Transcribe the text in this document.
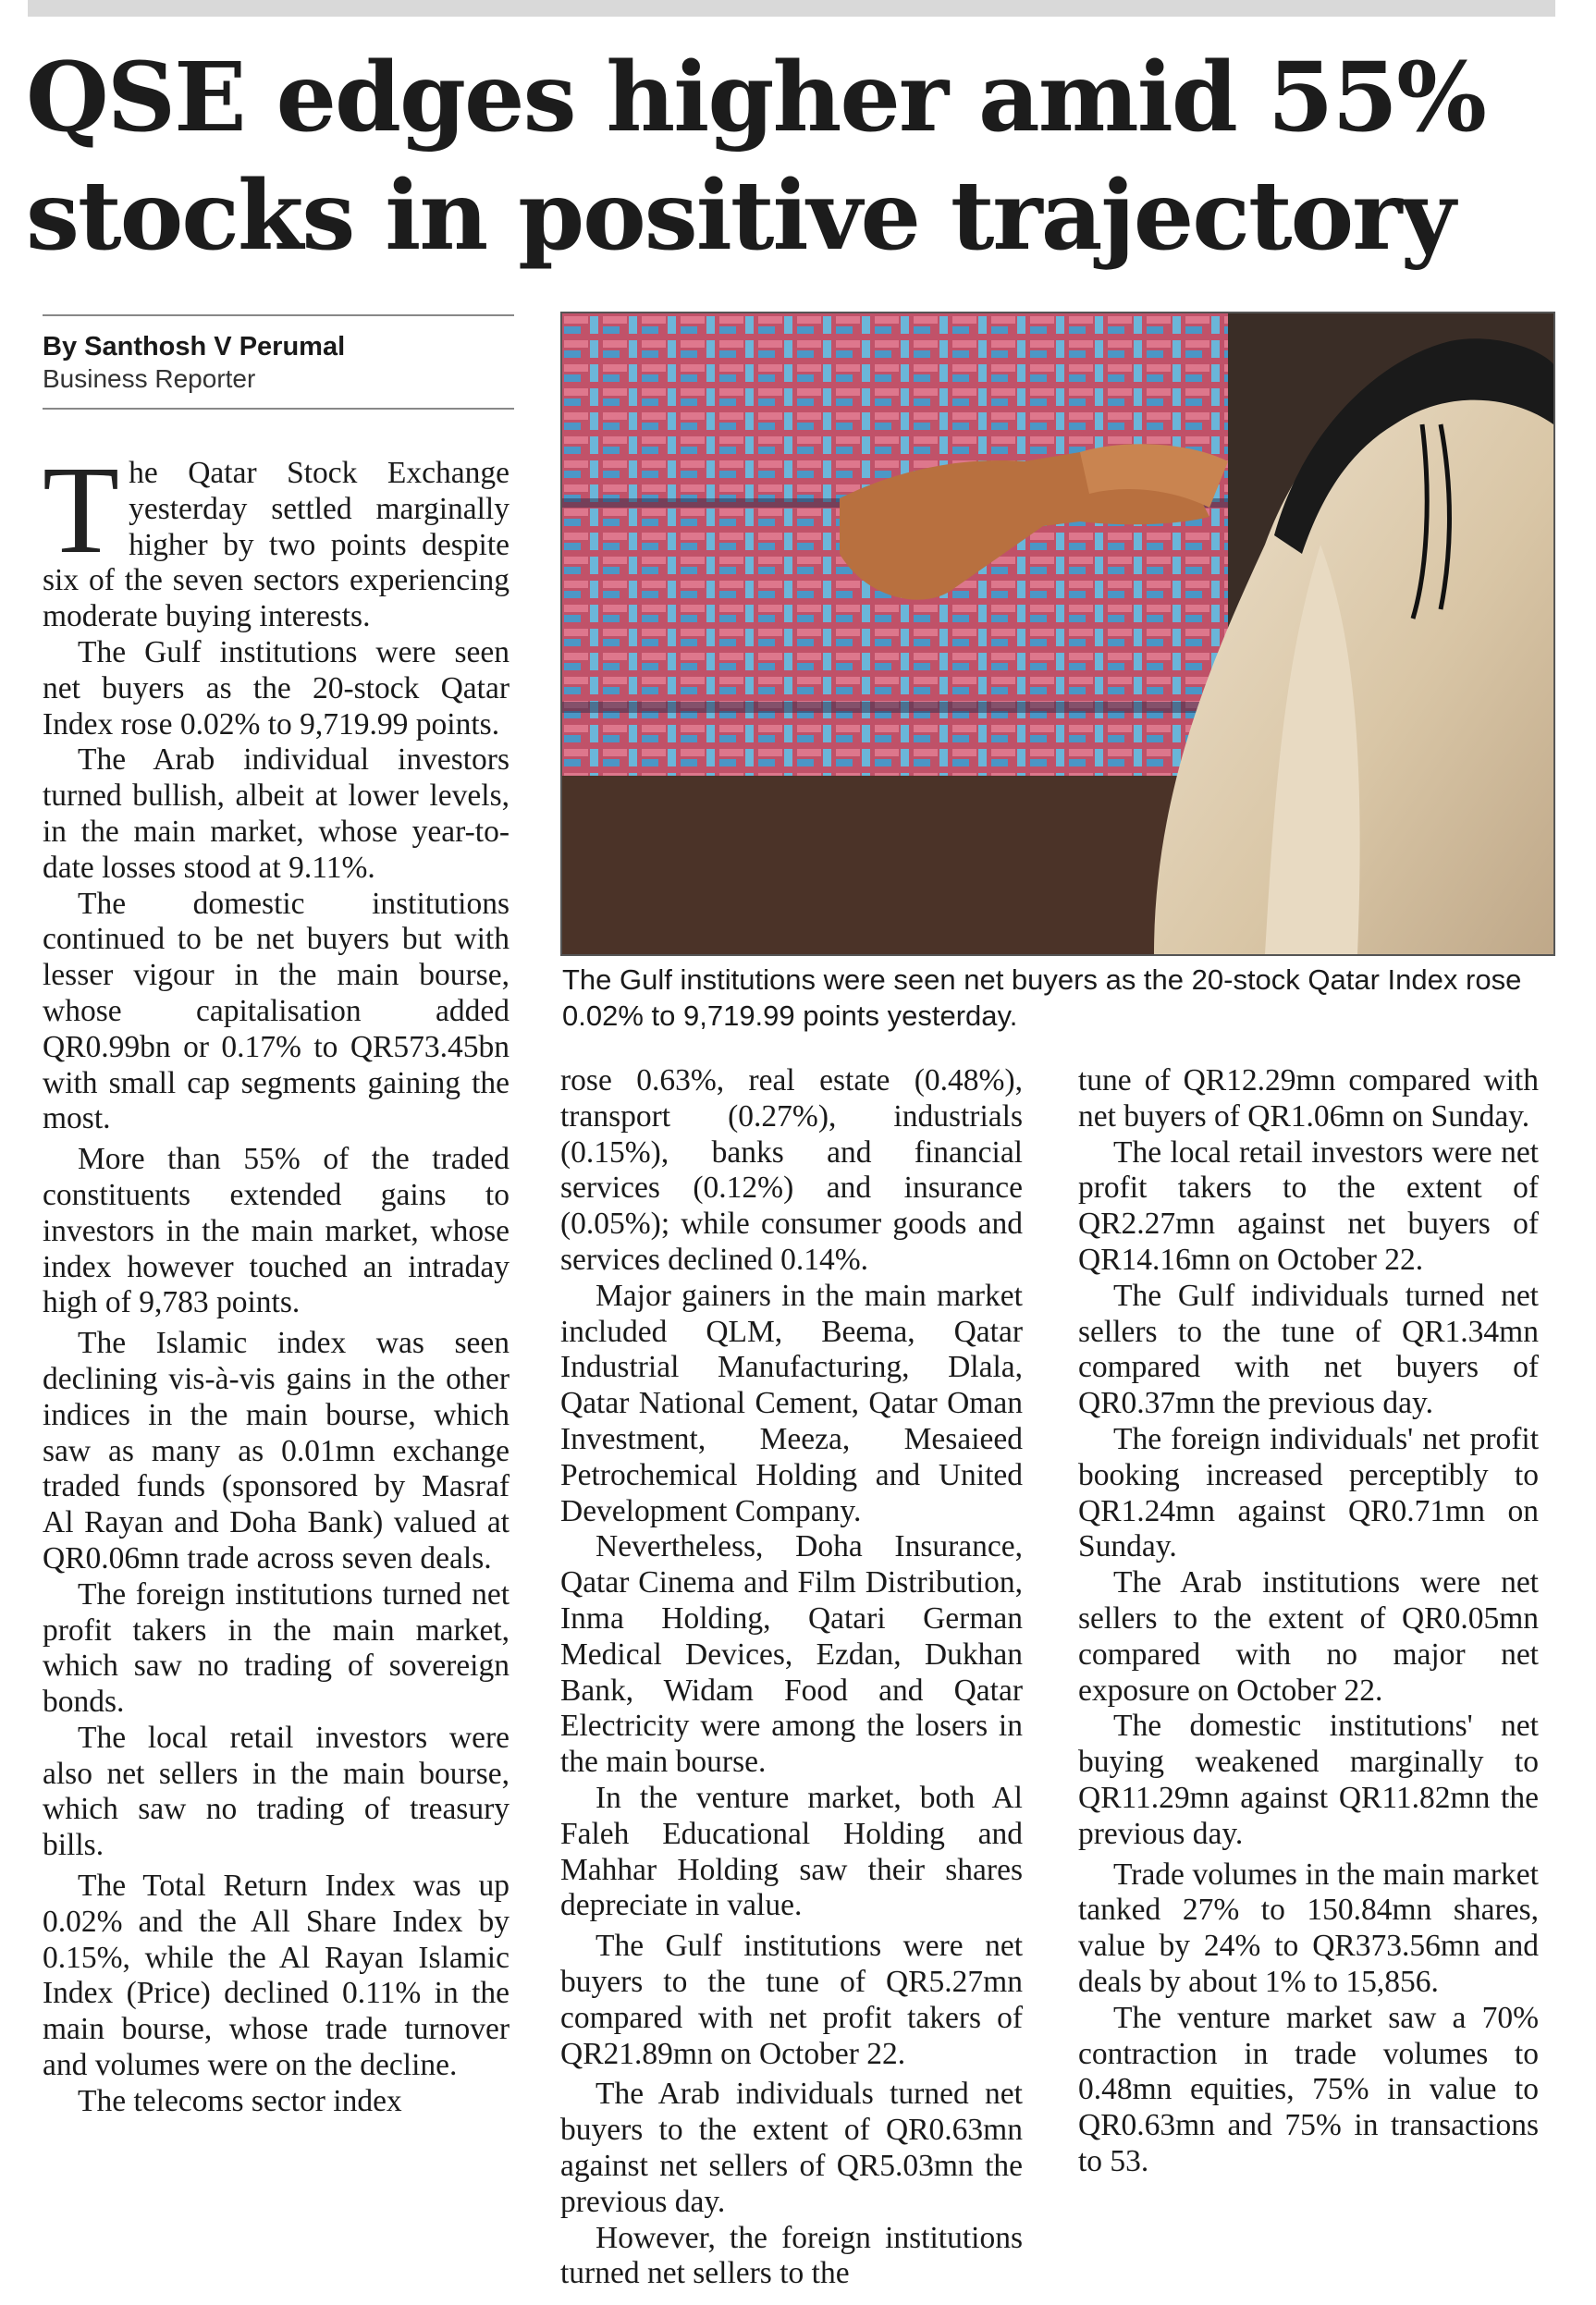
QSE edges higher amid 55% stocks in positive trajectory
By Santhosh V Perumal
Business Reporter

The Qatar Stock Exchange yesterday settled marginally higher by two points despite six of the seven sectors experiencing moderate buying interests.

The Gulf institutions were seen net buyers as the 20-stock Qatar Index rose 0.02% to 9,719.99 points.

The Arab individual investors turned bullish, albeit at lower levels, in the main market, whose year-to-date losses stood at 9.11%.

The domestic institutions continued to be net buyers but with lesser vigour in the main bourse, whose capitalisation added QR0.99bn or 0.17% to QR573.45bn with small cap segments gaining the most.

More than 55% of the traded constituents extended gains to investors in the main market, whose index however touched an intraday high of 9,783 points.

The Islamic index was seen declining vis-à-vis gains in the other indices in the main bourse, which saw as many as 0.01mn exchange traded funds (sponsored by Masraf Al Rayan and Doha Bank) valued at QR0.06mn trade across seven deals.

The foreign institutions turned net profit takers in the main market, which saw no trading of sovereign bonds.

The local retail investors were also net sellers in the main bourse, which saw no trading of treasury bills.

The Total Return Index was up 0.02% and the All Share Index by 0.15%, while the Al Rayan Islamic Index (Price) declined 0.11% in the main bourse, whose trade turnover and volumes were on the decline.

The telecoms sector index

The Gulf institutions were seen net buyers as the 20-stock Qatar Index rose 0.02% to 9,719.99 points yesterday.

rose 0.63%, real estate (0.48%), transport (0.27%), industrials (0.15%), banks and financial services (0.12%) and insurance (0.05%); while consumer goods and services declined 0.14%.

Major gainers in the main market included QLM, Beema, Qatar Industrial Manufacturing, Dlala, Qatar National Cement, Qatar Oman Investment, Meeza, Mesaieed Petrochemical Holding and United Development Company.

Nevertheless, Doha Insurance, Qatar Cinema and Film Distribution, Inma Holding, Qatari German Medical Devices, Ezdan, Dukhan Bank, Widam Food and Qatar Electricity were among the losers in the main bourse.

In the venture market, both Al Faleh Educational Holding and Mahhar Holding saw their shares depreciate in value.

The Gulf institutions were net buyers to the tune of QR5.27mn compared with net profit takers of QR21.89mn on October 22.

The Arab individuals turned net buyers to the extent of QR0.63mn against net sellers of QR5.03mn the previous day.

However, the foreign institutions turned net sellers to the

tune of QR12.29mn compared with net buyers of QR1.06mn on Sunday.

The local retail investors were net profit takers to the extent of QR2.27mn against net buyers of QR14.16mn on October 22.

The Gulf individuals turned net sellers to the tune of QR1.34mn compared with net buyers of QR0.37mn the previous day.

The foreign individuals' net profit booking increased perceptibly to QR1.24mn against QR0.71mn on Sunday.

The Arab institutions were net sellers to the extent of QR0.05mn compared with no major net exposure on October 22.

The domestic institutions' net buying weakened marginally to QR11.29mn against QR11.82mn the previous day.

Trade volumes in the main market tanked 27% to 150.84mn shares, value by 24% to QR373.56mn and deals by about 1% to 15,856.

The venture market saw a 70% contraction in trade volumes to 0.48mn equities, 75% in value to QR0.63mn and 75% in transactions to 53.
